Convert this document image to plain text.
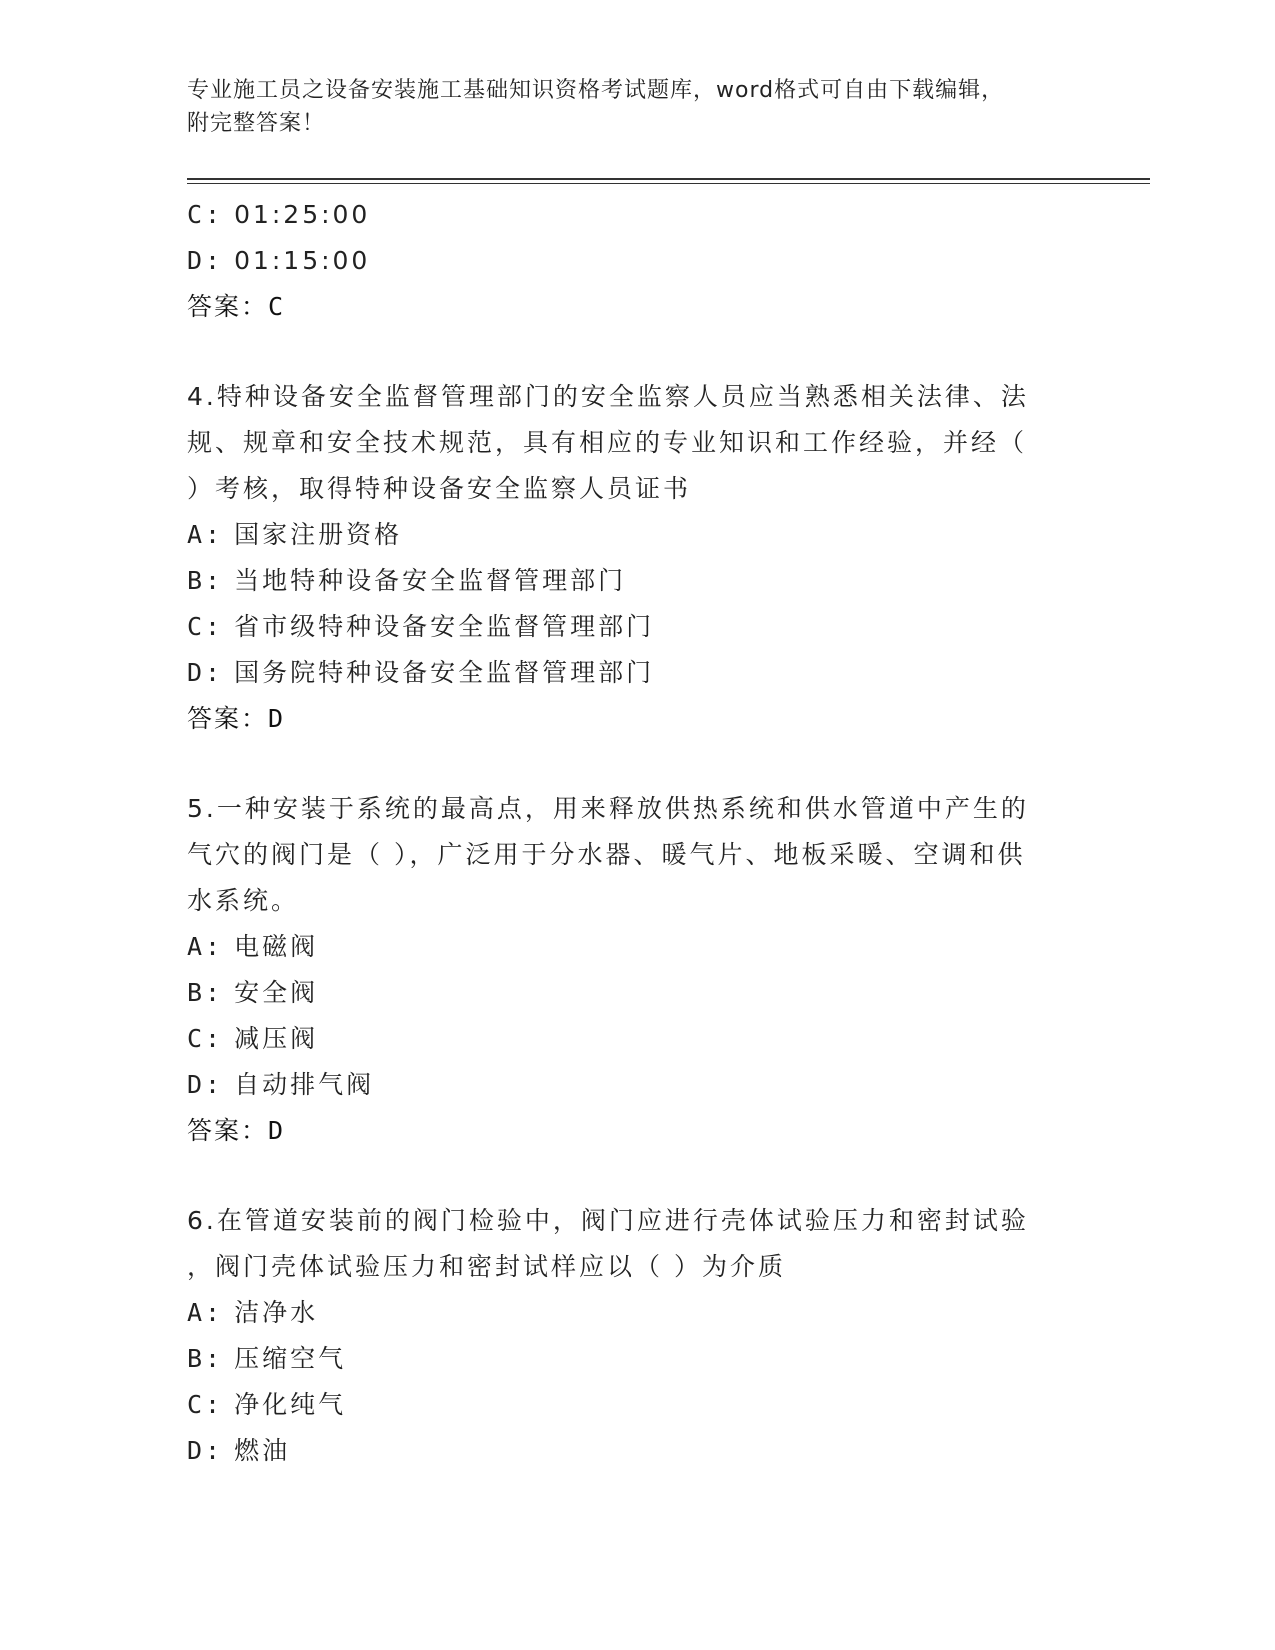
专业施工员之设备安装施工基础知识资格考试题库，word格式可自由下载编辑，
附完整答案！
C: 01:25:00
D: 01:15:00
答案：C
4.特种设备安全监督管理部门的安全监察人员应当熟悉相关法律、法
规、规章和安全技术规范，具有相应的专业知识和工作经验，并经（
）考核，取得特种设备安全监察人员证书
A: 国家注册资格
B: 当地特种设备安全监督管理部门
C: 省市级特种设备安全监督管理部门
D: 国务院特种设备安全监督管理部门
答案：D
5.一种安装于系统的最高点，用来释放供热系统和供水管道中产生的
气穴的阀门是（ ），广泛用于分水器、暖气片、地板采暖、空调和供
水系统。
A: 电磁阀
B: 安全阀
C: 减压阀
D: 自动排气阀
答案：D
6.在管道安装前的阀门检验中，阀门应进行壳体试验压力和密封试验
，阀门壳体试验压力和密封试样应以（ ）为介质
A: 洁净水
B: 压缩空气
C: 净化纯气
D: 燃油
